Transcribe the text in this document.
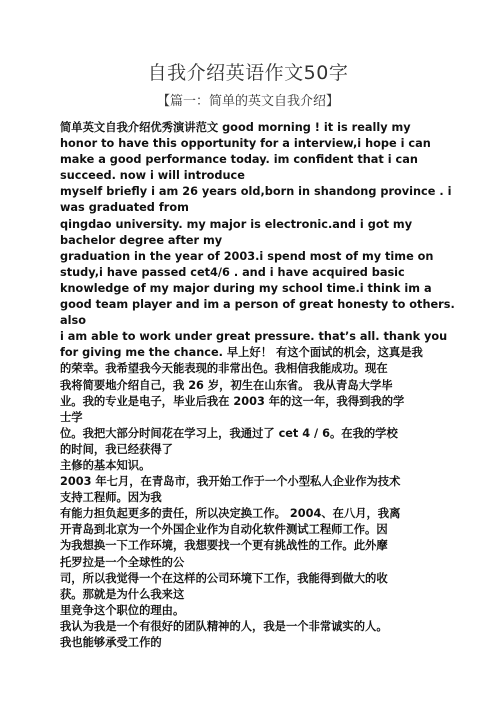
自我介绍英语作文50字
【篇一：简单的英文自我介绍】
简单英文自我介绍优秀演讲范文 good morning ! it is really my
honor to have this opportunity for a interview,i hope i can
make a good performance today. im confident that i can
succeed. now i will introduce
myself briefly i am 26 years old,born in shandong province . i
was graduated from
qingdao university. my major is electronic.and i got my
bachelor degree after my
graduation in the year of 2003.i spend most of my time on
study,i have passed cet4/6 . and i have acquired basic
knowledge of my major during my school time.i think im a
good team player and im a person of great honesty to others.
also
i am able to work under great pressure. that’s all. thank you
for giving me the chance. 早上好！ 有这个面试的机会，这真是我
的荣幸。我希望我今天能表现的非常出色。我相信我能成功。现在
我将简要地介绍自己，我 26 岁，初生在山东省。 我从青岛大学毕
业。我的专业是电子，毕业后我在 2003 年的这一年，我得到我的学
士学
位。我把大部分时间花在学习上，我通过了 cet 4 / 6。在我的学校
的时间，我已经获得了
主修的基本知识。
2003 年七月，在青岛市，我开始工作于一个小型私人企业作为技术
支持工程师。因为我
有能力担负起更多的责任，所以决定换工作。 2004、在八月，我离
开青岛到北京为一个外国企业作为自动化软件测试工程师工作。因
为我想换一下工作环境，我想要找一个更有挑战性的工作。此外摩
托罗拉是一个全球性的公
司，所以我觉得一个在这样的公司环境下工作，我能得到做大的收
获。那就是为什么我来这
里竞争这个职位的理由。
我认为我是一个有很好的团队精神的人，我是一个非常诚实的人。
我也能够承受工作的
